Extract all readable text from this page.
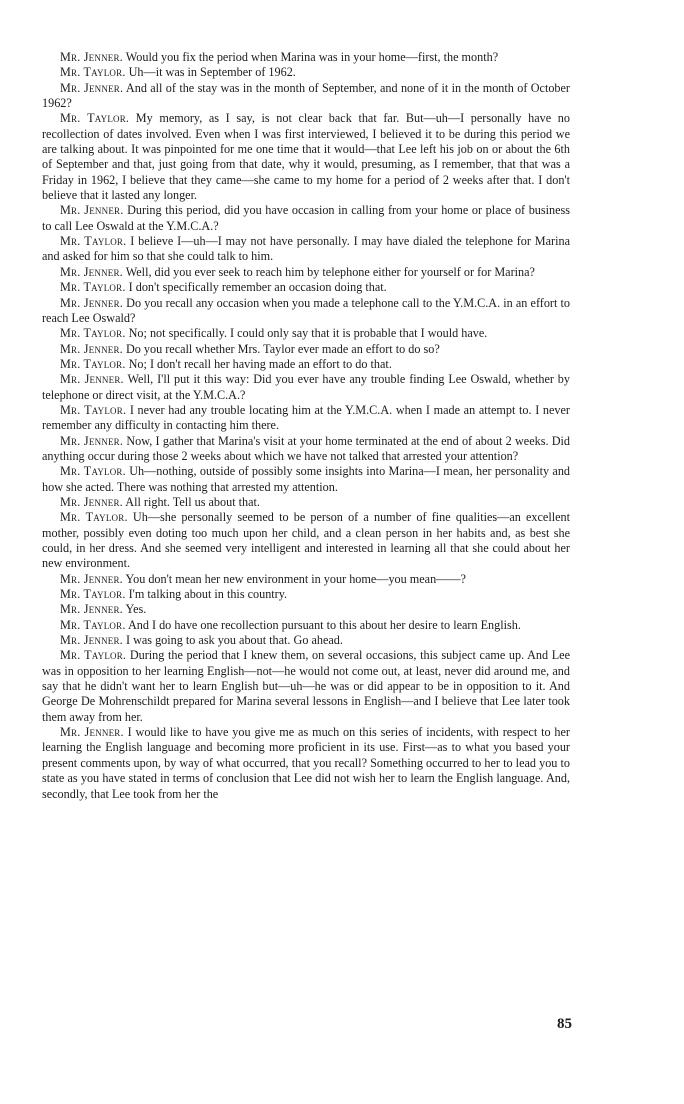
Mr. Jenner. Would you fix the period when Marina was in your home—first, the month?

Mr. Taylor. Uh—it was in September of 1962.

Mr. Jenner. And all of the stay was in the month of September, and none of it in the month of October 1962?

Mr. Taylor. My memory, as I say, is not clear back that far. But—uh—I personally have no recollection of dates involved. Even when I was first interviewed, I believed it to be during this period we are talking about. It was pinpointed for me one time that it would—that Lee left his job on or about the 6th of September and that, just going from that date, why it would, presuming, as I remember, that that was a Friday in 1962, I believe that they came—she came to my home for a period of 2 weeks after that. I don't believe that it lasted any longer.

Mr. Jenner. During this period, did you have occasion in calling from your home or place of business to call Lee Oswald at the Y.M.C.A.?

Mr. Taylor. I believe I—uh—I may not have personally. I may have dialed the telephone for Marina and asked for him so that she could talk to him.

Mr. Jenner. Well, did you ever seek to reach him by telephone either for yourself or for Marina?

Mr. Taylor. I don't specifically remember an occasion doing that.

Mr. Jenner. Do you recall any occasion when you made a telephone call to the Y.M.C.A. in an effort to reach Lee Oswald?

Mr. Taylor. No; not specifically. I could only say that it is probable that I would have.

Mr. Jenner. Do you recall whether Mrs. Taylor ever made an effort to do so?

Mr. Taylor. No; I don't recall her having made an effort to do that.

Mr. Jenner. Well, I'll put it this way: Did you ever have any trouble finding Lee Oswald, whether by telephone or direct visit, at the Y.M.C.A.?

Mr. Taylor. I never had any trouble locating him at the Y.M.C.A. when I made an attempt to. I never remember any difficulty in contacting him there.

Mr. Jenner. Now, I gather that Marina's visit at your home terminated at the end of about 2 weeks. Did anything occur during those 2 weeks about which we have not talked that arrested your attention?

Mr. Taylor. Uh—nothing, outside of possibly some insights into Marina—I mean, her personality and how she acted. There was nothing that arrested my attention.

Mr. Jenner. All right. Tell us about that.

Mr. Taylor. Uh—she personally seemed to be person of a number of fine qualities—an excellent mother, possibly even doting too much upon her child, and a clean person in her habits and, as best she could, in her dress. And she seemed very intelligent and interested in learning all that she could about her new environment.

Mr. Jenner. You don't mean her new environment in your home—you mean——?

Mr. Taylor. I'm talking about in this country.

Mr. Jenner. Yes.

Mr. Taylor. And I do have one recollection pursuant to this about her desire to learn English.

Mr. Jenner. I was going to ask you about that. Go ahead.

Mr. Taylor. During the period that I knew them, on several occasions, this subject came up. And Lee was in opposition to her learning English—not—he would not come out, at least, never did around me, and say that he didn't want her to learn English but—uh—he was or did appear to be in opposition to it. And George De Mohrenschildt prepared for Marina several lessons in English—and I believe that Lee later took them away from her.

Mr. Jenner. I would like to have you give me as much on this series of incidents, with respect to her learning the English language and becoming more proficient in its use. First—as to what you based your present comments upon, by way of what occurred, that you recall? Something occurred to her to lead you to state as you have stated in terms of conclusion that Lee did not wish her to learn the English language. And, secondly, that Lee took from her the

85
